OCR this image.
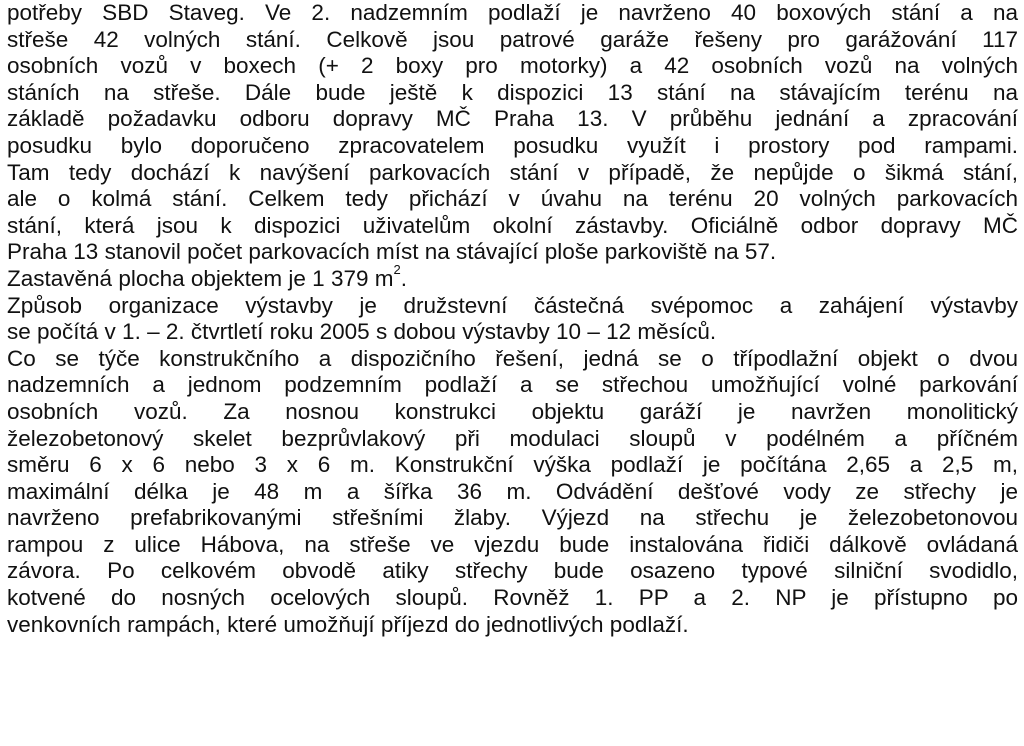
potřeby SBD Staveg. Ve 2. nadzemním podlaží je navrženo 40 boxových stání a na
střeše 42 volných stání. Celkově jsou patrové garáže řešeny pro garážování 117
osobních vozů v boxech (+ 2 boxy pro motorky) a 42 osobních vozů na volných
stáních na střeše. Dále bude ještě k dispozici 13 stání na stávajícím terénu na
základě požadavku odboru dopravy MČ Praha 13. V průběhu jednání a zpracování
posudku bylo doporučeno zpracovatelem posudku využít i prostory pod rampami.
Tam tedy dochází k navýšení parkovacích stání v případě, že nepůjde o šikmá stání,
ale o kolmá stání. Celkem tedy přichází v úvahu na terénu 20 volných parkovacích
stání, která jsou k dispozici uživatelům okolní zástavby. Oficiálně odbor dopravy MČ
Praha 13 stanovil počet parkovacích míst na stávající ploše parkoviště na 57.
Zastavěná plocha objektem je 1 379 $m^2$.
Způsob organizace výstavby je družstevní částečná svépomoc a zahájení výstavby
se počítá v 1. – 2. čtvrtletí roku 2005 s dobou výstavby 10 – 12 měsíců.
Co se týče konstrukčního a dispozičního řešení, jedná se o třípodlažní objekt o dvou
nadzemních a jednom podzemním podlaží a se střechou umožňující volné parkování
osobních vozů. Za nosnou konstrukci objektu garáží je navržen monolitický
železobetonový skelet bezprůvlakový při modulaci sloupů v podélném a příčném
směru 6 x 6 nebo 3 x 6 m. Konstrukční výška podlaží je počítána 2,65 a 2,5 m,
maximální délka je 48 m a šířka 36 m. Odvádění dešťové vody ze střechy je
navrženo prefabrikovanými střešními žlaby. Výjezd na střechu je železobetonovou
rampou z ulice Hábova, na střeše ve vjezdu bude instalována řidiči dálkově ovládaná
závora. Po celkovém obvodě atiky střechy bude osazeno typové silniční svodidlo,
kotvené do nosných ocelových sloupů. Rovněž 1. PP a 2. NP je přístupno po
venkovních rampách, které umožňují příjezd do jednotlivých podlaží.
